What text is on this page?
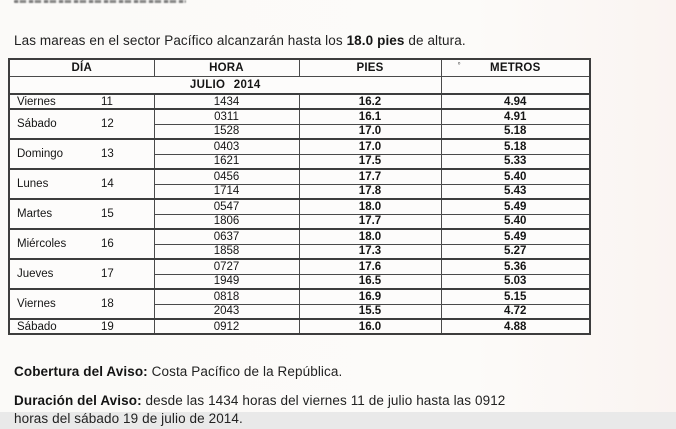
Las mareas en el sector Pacífico alcanzarán hasta los 18.0 pies de altura.

DÍA	HORA	PIES	° METROS
JULIO 2014			

Viernes 11	1434	16.2	4.94

Sábado 12	0311	16.1	4.91
	1528	17.0	5.18

Domingo 13	0403	17.0	5.18
	1621	17.5	5.33

Lunes 14	0456	17.7	5.40
	1714	17.8	5.43

Martes 15	0547	18.0	5.49
	1806	17.7	5.40

Miércoles 16	0637	18.0	5.49
	1858	17.3	5.27

Jueves 17	0727	17.6	5.36
	1949	16.5	5.03

Viernes 18	0818	16.9	5.15
	2043	15.5	4.72

Sábado 19	0912	16.0	4.88

Cobertura del Aviso: Costa Pacífico de la República.

Duración del Aviso: desde las 1434 horas del viernes 11 de julio hasta las 0912
horas del sábado 19 de julio de 2014.
